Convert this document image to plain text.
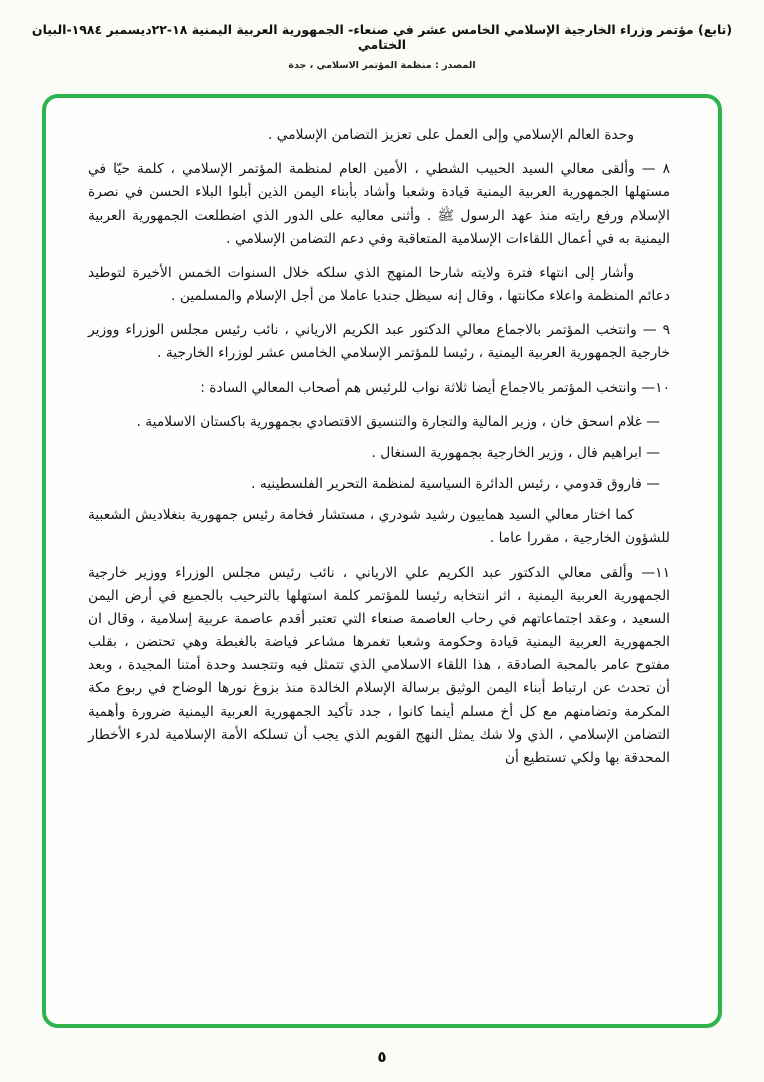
(تابع) مؤتمر وزراء الخارجية الإسلامي الخامس عشر في صنعاء- الجمهورية العربية اليمنية ١٨-٢٢ديسمبر ١٩٨٤-البيان الختامي
المصدر : منظمة المؤتمر الاسلامي ، جدة

وحدة العالم الإسلامي وإلى العمل على تعزيز التضامن الإسلامي .

٨ — وألقى معالي السيد الحبيب الشطي ، الأمين العام لمنظمة المؤتمر الإسلامي ، كلمة حيّا في مستهلها الجمهورية العربية اليمنية قيادة وشعبا وأشاد بأبناء اليمن الذين أبلوا البلاء الحسن في نصرة الإسلام ورفع رايته منذ عهد الرسول ﷺ . وأثنى معاليه على الدور الذي اضطلعت الجمهورية العربية اليمنية به في أعمال اللقاءات الإسلامية المتعاقبة وفي دعم التضامن الإسلامي .

وأشار إلى انتهاء فترة ولايته شارحا المنهج الذي سلكه خلال السنوات الخمس الأخيرة لتوطيد دعائم المنظمة واعلاء مكانتها ، وقال إنه سيظل جنديا عاملا من أجل الإسلام والمسلمين .

٩ — وانتخب المؤتمر بالاجماع معالي الدكتور عبد الكريم الارياني ، نائب رئيس مجلس الوزراء ووزير خارجية الجمهورية العربية اليمنية ، رئيسا للمؤتمر الإسلامي الخامس عشر لوزراء الخارجية .

١٠— وانتخب المؤتمر بالاجماع أيضا ثلاثة نواب للرئيس هم أصحاب المعالي السادة :

— غلام اسحق خان ، وزير المالية والتجارة والتنسيق الاقتصادي بجمهورية باكستان الاسلامية .

— ابراهيم فال ، وزير الخارجية بجمهورية السنغال .

— فاروق قدومي ، رئيس الدائرة السياسية لمنظمة التحرير الفلسطينيه .

كما اختار معالي السيد هماييون رشيد شودري ، مستشار فخامة رئيس جمهورية بنغلاديش الشعبية للشؤون الخارجية ، مقررا عاما .

١١— وألقى معالي الدكتور عبد الكريم علي الارياني ، نائب رئيس مجلس الوزراء ووزير خارجية الجمهورية العربية اليمنية ، اثر انتخابه رئيسا للمؤتمر كلمة استهلها بالترحيب بالجميع في أرض اليمن السعيد ، وعقد اجتماعاتهم في رحاب العاصمة صنعاء التي تعتبر أقدم عاصمة عربية إسلامية ، وقال ان الجمهورية العربية اليمنية قيادة وحكومة وشعبا تغمرها مشاعر فياضة بالغبطة وهي تحتضن ، بقلب مفتوح عامر بالمحبة الصادقة ، هذا اللقاء الاسلامي الذي تتمثل فيه وتتجسد وحدة أمتنا المجيدة ، وبعد أن تحدث عن ارتباط أبناء اليمن الوثيق برسالة الإسلام الخالدة منذ بزوغ نورها الوضاح في ربوع مكة المكرمة وتضامنهم مع كل أخ مسلم أينما كانوا ، جدد تأكيد الجمهورية العربية اليمنية ضرورة وأهمية التضامن الإسلامي ، الذي ولا شك يمثل النهج القويم الذي يجب أن تسلكه الأمة الإسلامية لدرء الأخطار المحدقة بها ولكي تستطيع أن

٥
